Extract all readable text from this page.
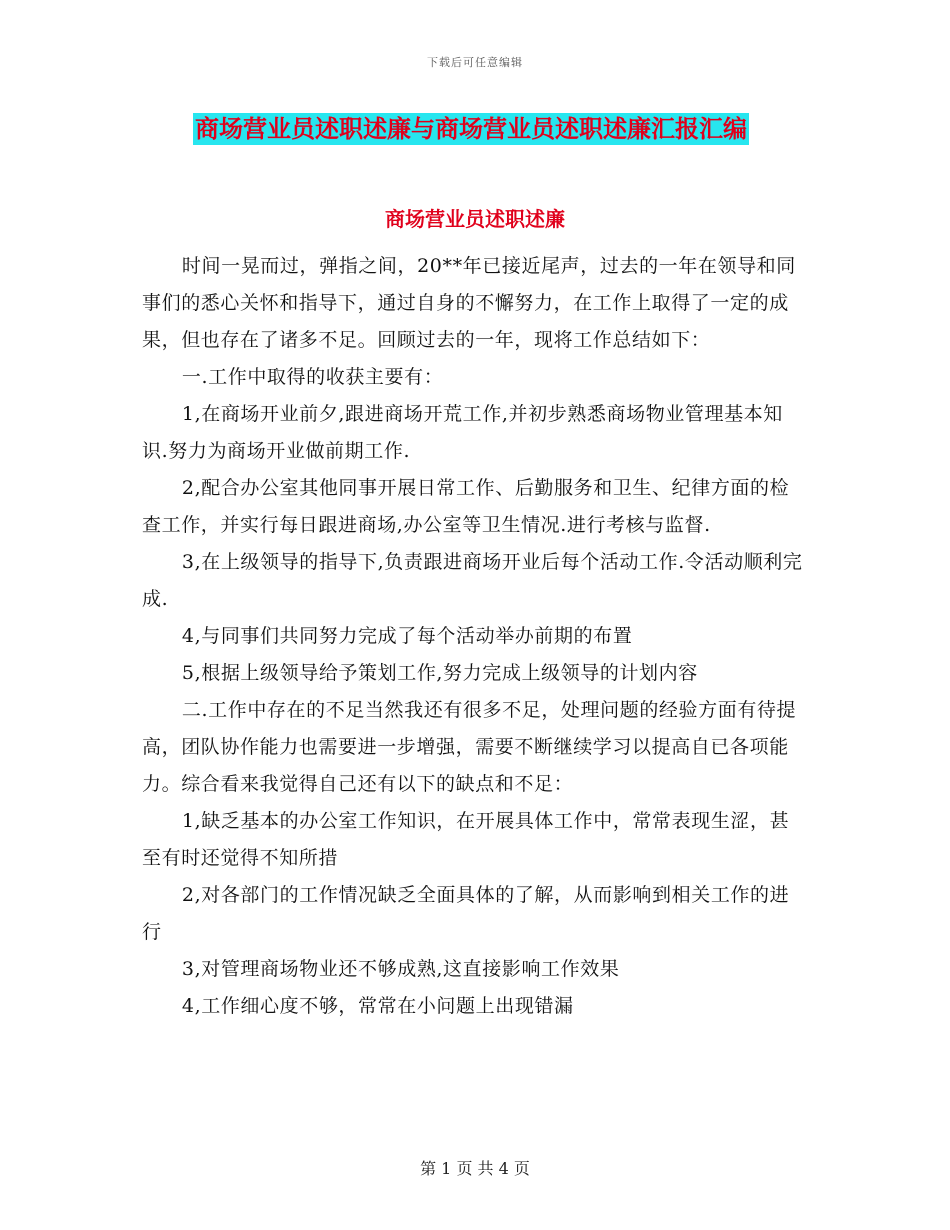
下载后可任意编辑
商场营业员述职述廉与商场营业员述职述廉汇报汇编
商场营业员述职述廉

时间一晃而过，弹指之间，20**年已接近尾声，过去的一年在领导和同事们的悉心关怀和指导下，通过自身的不懈努力，在工作上取得了一定的成果，但也存在了诸多不足。回顾过去的一年，现将工作总结如下：

一.工作中取得的收获主要有：

1,在商场开业前夕,跟进商场开荒工作,并初步熟悉商场物业管理基本知识.努力为商场开业做前期工作.

2,配合办公室其他同事开展日常工作、后勤服务和卫生、纪律方面的检查工作，并实行每日跟进商场,办公室等卫生情况.进行考核与监督.

3,在上级领导的指导下,负责跟进商场开业后每个活动工作.令活动顺利完成.

4,与同事们共同努力完成了每个活动举办前期的布置

5,根据上级领导给予策划工作,努力完成上级领导的计划内容

二.工作中存在的不足当然我还有很多不足，处理问题的经验方面有待提高，团队协作能力也需要进一步增强，需要不断继续学习以提高自已各项能力。综合看来我觉得自己还有以下的缺点和不足：

1,缺乏基本的办公室工作知识，在开展具体工作中，常常表现生涩，甚至有时还觉得不知所措

2,对各部门的工作情况缺乏全面具体的了解，从而影响到相关工作的进行

3,对管理商场物业还不够成熟,这直接影响工作效果

4,工作细心度不够，常常在小问题上出现错漏

第 1 页 共 4 页
